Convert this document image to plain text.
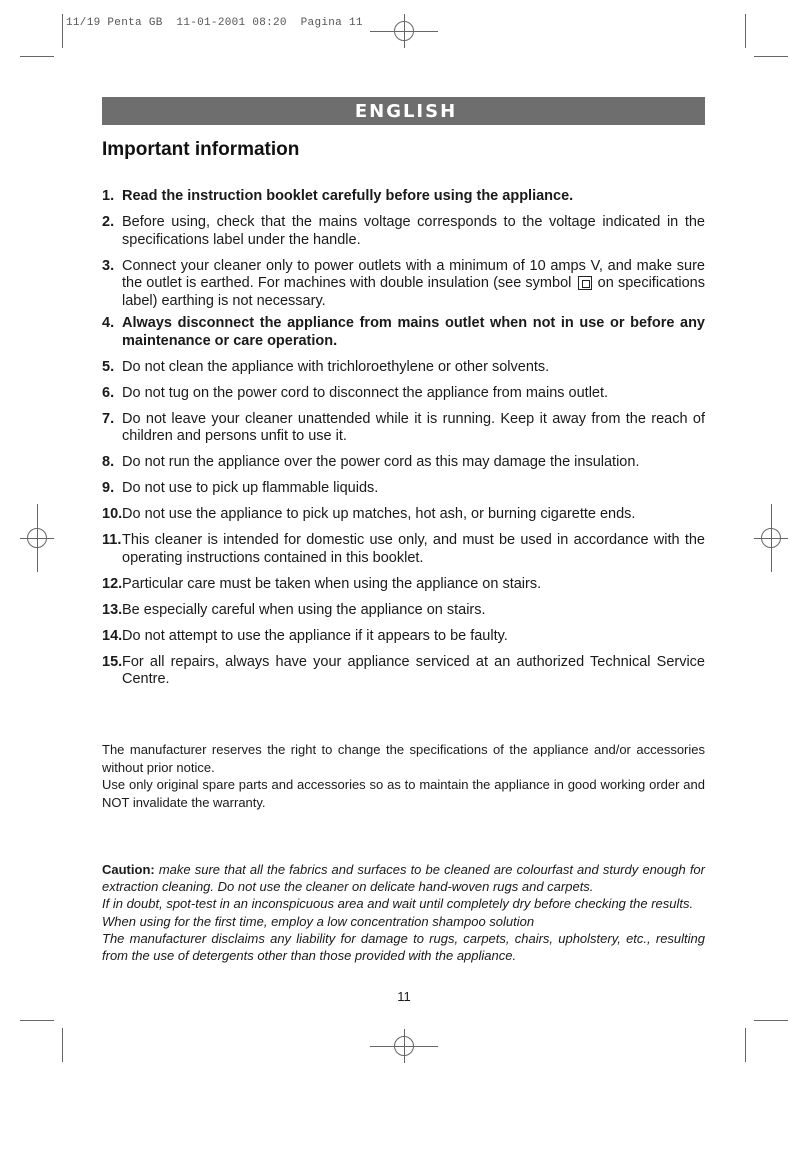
11/19 Penta GB  11-01-2001 08:20  Pagina 11
ENGLISH
Important information
1. Read the instruction booklet carefully before using the appliance.
2. Before using, check that the mains voltage corresponds to the voltage indicated in the specifications label under the handle.
3. Connect your cleaner only to power outlets with a minimum of 10 amps V, and make sure the outlet is earthed. For machines with double insulation (see symbol on specifications label) earthing is not necessary.
4. Always disconnect the appliance from mains outlet when not in use or before any maintenance or care operation.
5. Do not clean the appliance with trichloroethylene or other solvents.
6. Do not tug on the power cord to disconnect the appliance from mains outlet.
7. Do not leave your cleaner unattended while it is running. Keep it away from the reach of children and persons unfit to use it.
8. Do not run the appliance over the power cord as this may damage the insulation.
9. Do not use to pick up flammable liquids.
10. Do not use the appliance to pick up matches, hot ash, or burning cigarette ends.
11. This cleaner is intended for domestic use only, and must be used in accordance with the operating instructions contained in this booklet.
12. Particular care must be taken when using the appliance on stairs.
13. Be especially careful when using the appliance on stairs.
14. Do not attempt to use the appliance if it appears to be faulty.
15. For all repairs, always have your appliance serviced at an authorized Technical Service Centre.
The manufacturer reserves the right to change the specifications of the appliance and/or accessories without prior notice.
Use only original spare parts and accessories so as to maintain the appliance in good working order and NOT invalidate the warranty.
Caution: make sure that all the fabrics and surfaces to be cleaned are colourfast and sturdy enough for extraction cleaning. Do not use the cleaner on delicate hand-woven rugs and carpets.
If in doubt, spot-test in an inconspicuous area and wait until completely dry before checking the results.
When using for the first time, employ a low concentration shampoo solution
The manufacturer disclaims any liability for damage to rugs, carpets, chairs, upholstery, etc., resulting from the use of detergents other than those provided with the appliance.
11
